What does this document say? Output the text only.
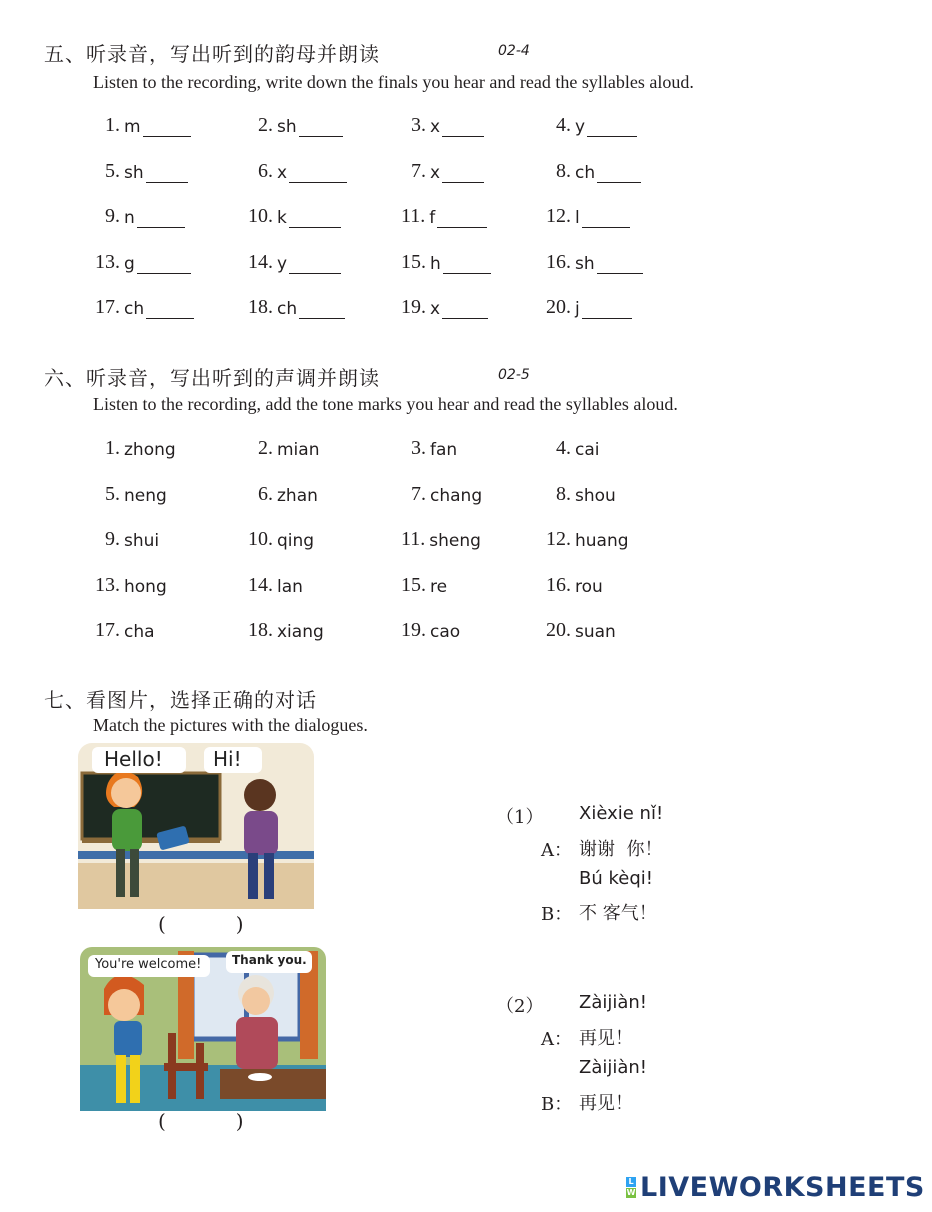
五、听录音，写出听到的韵母并朗读	02-4
Listen to the recording, write down the finals you hear and read the syllables aloud.
1. m	2. sh	3. x	4. y
5. sh	6. x	7. x	8. ch
9. n	10. k	11. f	12. l
13. g	14. y	15. h	16. sh
17. ch	18. ch	19. x	20. j
六、听录音，写出听到的声调并朗读	02-5
Listen to the recording, add the tone marks you hear and read the syllables aloud.
1. zhong	2. mian	3. fan	4. cai
5. neng	6. zhan	7. chang	8. shou
9. shui	10. qing	11. sheng	12. huang
13. hong	14. lan	15. re	16. rou
17. cha	18. xiang	19. cao	20. suan
七、看图片，选择正确的对话
Match the pictures with the dialogues.
Hello!	Hi!
(           )
You're welcome!	Thank you.
(           )
（1） Xièxie nǐ!
A： 谢谢  你！
Bú kèqi!
B： 不 客气！
（2） Zàijiàn!
A： 再见！
Zàijiàn!
B： 再见！
L
W LIVEWORKSHEETS
